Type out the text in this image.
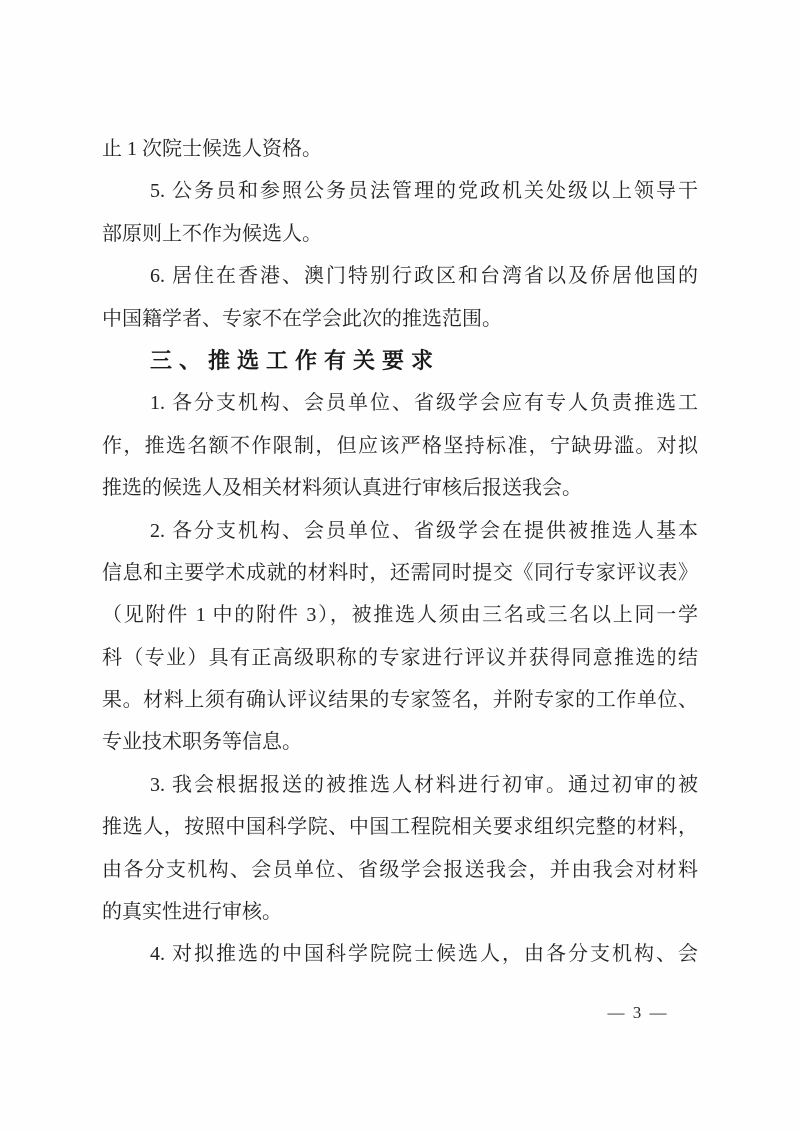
止 1 次院士候选人资格。
5. 公务员和参照公务员法管理的党政机关处级以上领导干
部原则上不作为候选人。
6. 居住在香港、澳门特别行政区和台湾省以及侨居他国的
中国籍学者、专家不在学会此次的推选范围。
三、推选工作有关要求
1. 各分支机构、会员单位、省级学会应有专人负责推选工
作，推选名额不作限制，但应该严格坚持标准，宁缺毋滥。对拟
推选的候选人及相关材料须认真进行审核后报送我会。
2. 各分支机构、会员单位、省级学会在提供被推选人基本
信息和主要学术成就的材料时，还需同时提交《同行专家评议表》
（见附件 1 中的附件 3），被推选人须由三名或三名以上同一学
科（专业）具有正高级职称的专家进行评议并获得同意推选的结
果。材料上须有确认评议结果的专家签名，并附专家的工作单位、
专业技术职务等信息。
3. 我会根据报送的被推选人材料进行初审。通过初审的被
推选人，按照中国科学院、中国工程院相关要求组织完整的材料，
由各分支机构、会员单位、省级学会报送我会，并由我会对材料
的真实性进行审核。
4. 对拟推选的中国科学院院士候选人，由各分支机构、会
— 3 —
